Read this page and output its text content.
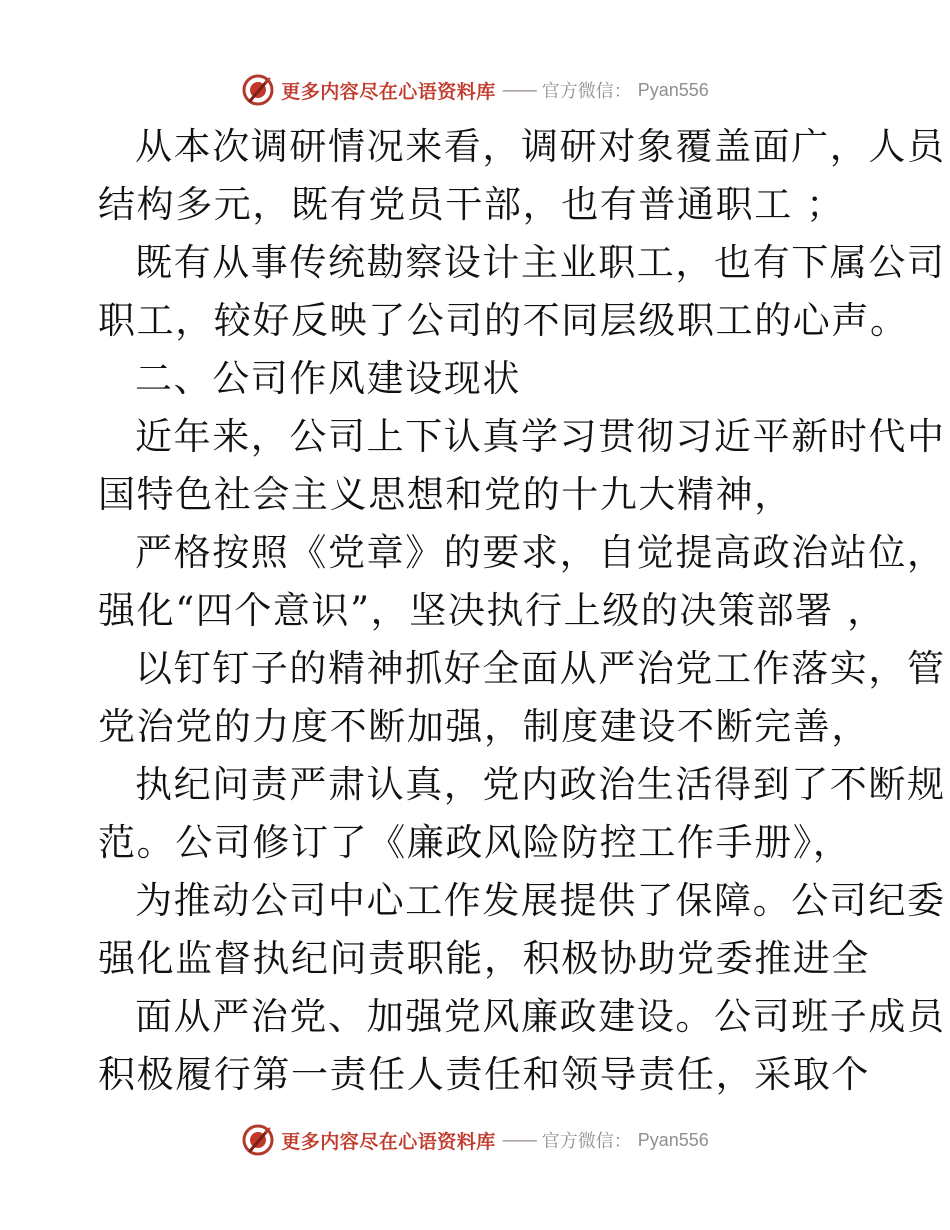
更多内容尽在心语资料库 —— 官方微信： Pyan556
从本次调研情况来看，调研对象覆盖面广，人员
结构多元，既有党员干部，也有普通职工 ；
既有从事传统勘察设计主业职工，也有下属公司
职工，较好反映了公司的不同层级职工的心声。
二、公司作风建设现状
近年来，公司上下认真学习贯彻习近平新时代中
国特色社会主义思想和党的十九大精神，
严格按照《党章》的要求，自觉提高政治站位，
强化“四个意识”，坚决执行上级的决策部署 ，
以钉钉子的精神抓好全面从严治党工作落实，管
党治党的力度不断加强，制度建设不断完善，
执纪问责严肃认真，党内政治生活得到了不断规
范。公司修订了《廉政风险防控工作手册》，
为推动公司中心工作发展提供了保障。公司纪委
强化监督执纪问责职能，积极协助党委推进全
面从严治党、加强党风廉政建设。公司班子成员
积极履行第一责任人责任和领导责任，采取个
更多内容尽在心语资料库 —— 官方微信： Pyan556
